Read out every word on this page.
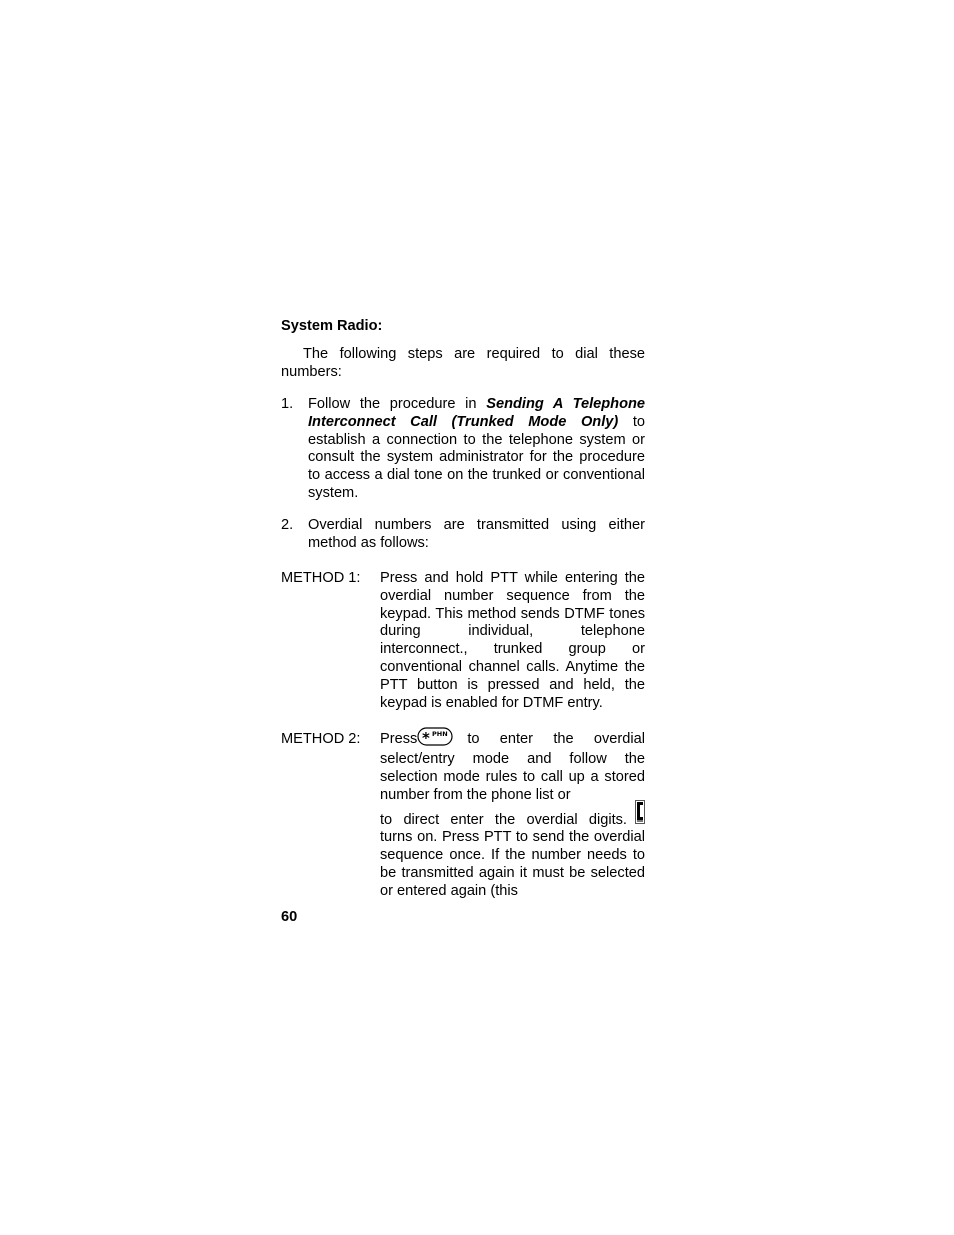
System Radio:
The following steps are required to dial these numbers:
1. Follow the procedure in Sending A Telephone Interconnect Call (Trunked Mode Only) to establish a connection to the telephone system or consult the system administrator for the procedure to access a dial tone on the trunked or conventional system.
2. Overdial numbers are transmitted using either method as follows:
METHOD 1: Press and hold PTT while entering the overdial number sequence from the keypad. This method sends DTMF tones during individual, telephone interconnect., trunked group or conventional channel calls. Anytime the PTT button is pressed and held, the keypad is enabled for DTMF entry.
METHOD 2: Press * PHN to enter the overdial
select/entry mode and follow the selection mode rules to call up a stored number from the phone list or
to direct enter the overdial digits.
turns on. Press PTT to send the overdial sequence once. If the number needs to be transmitted again it must be selected or entered again (this
60
